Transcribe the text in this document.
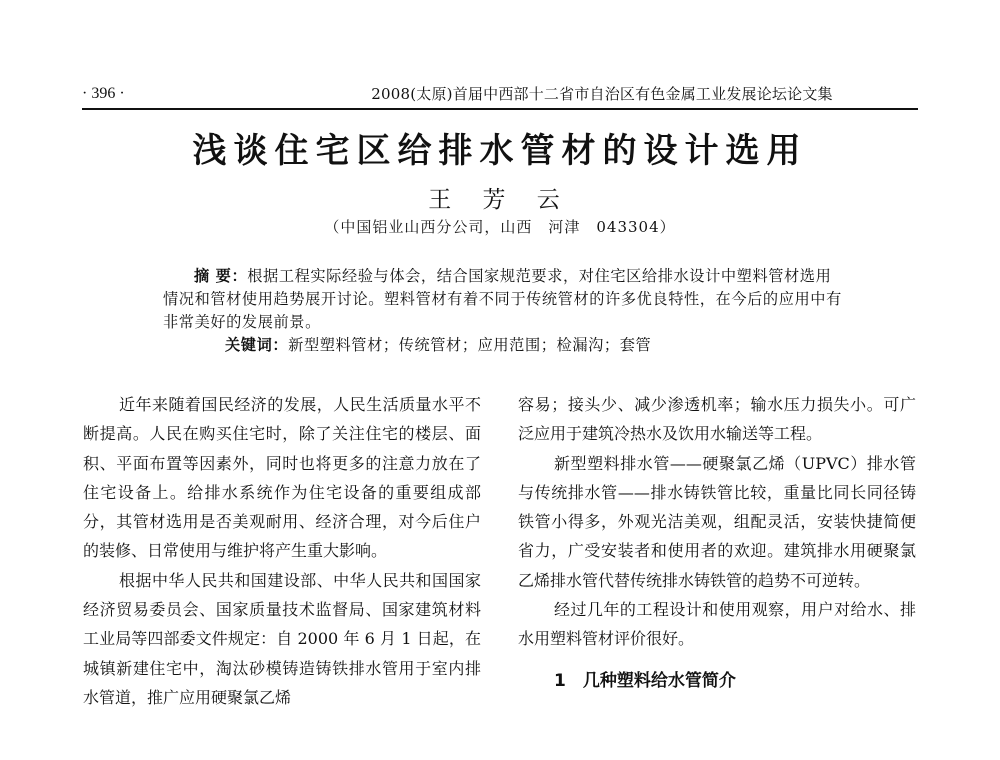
· 396 ·	2008(太原)首届中西部十二省市自治区有色金属工业发展论坛论文集
浅谈住宅区给排水管材的设计选用
王 芳 云
（中国铝业山西分公司，山西　河津　043304）

摘 要：根据工程实际经验与体会，结合国家规范要求，对住宅区给排水设计中塑料管材选用情况和管材使用趋势展开讨论。塑料管材有着不同于传统管材的许多优良特性，在今后的应用中有非常美好的发展前景。

关键词：新型塑料管材；传统管材；应用范围；检漏沟；套管

近年来随着国民经济的发展，人民生活质量水平不断提高。人民在购买住宅时，除了关注住宅的楼层、面积、平面布置等因素外，同时也将更多的注意力放在了住宅设备上。给排水系统作为住宅设备的重要组成部分，其管材选用是否美观耐用、经济合理，对今后住户的装修、日常使用与维护将产生重大影响。

根据中华人民共和国建设部、中华人民共和国国家经济贸易委员会、国家质量技术监督局、国家建筑材料工业局等四部委文件规定：自 2000 年 6 月 1 日起，在城镇新建住宅中，淘汰砂模铸造铸铁排水管用于室内排水管道，推广应用硬聚氯乙烯

容易；接头少、减少渗透机率；输水压力损失小。可广泛应用于建筑冷热水及饮用水输送等工程。

新型塑料排水管——硬聚氯乙烯（UPVC）排水管与传统排水管——排水铸铁管比较，重量比同长同径铸铁管小得多，外观光洁美观，组配灵活，安装快捷简便省力，广受安装者和使用者的欢迎。建筑排水用硬聚氯乙烯排水管代替传统排水铸铁管的趋势不可逆转。

经过几年的工程设计和使用观察，用户对给水、排水用塑料管材评价很好。

1　几种塑料给水管简介
